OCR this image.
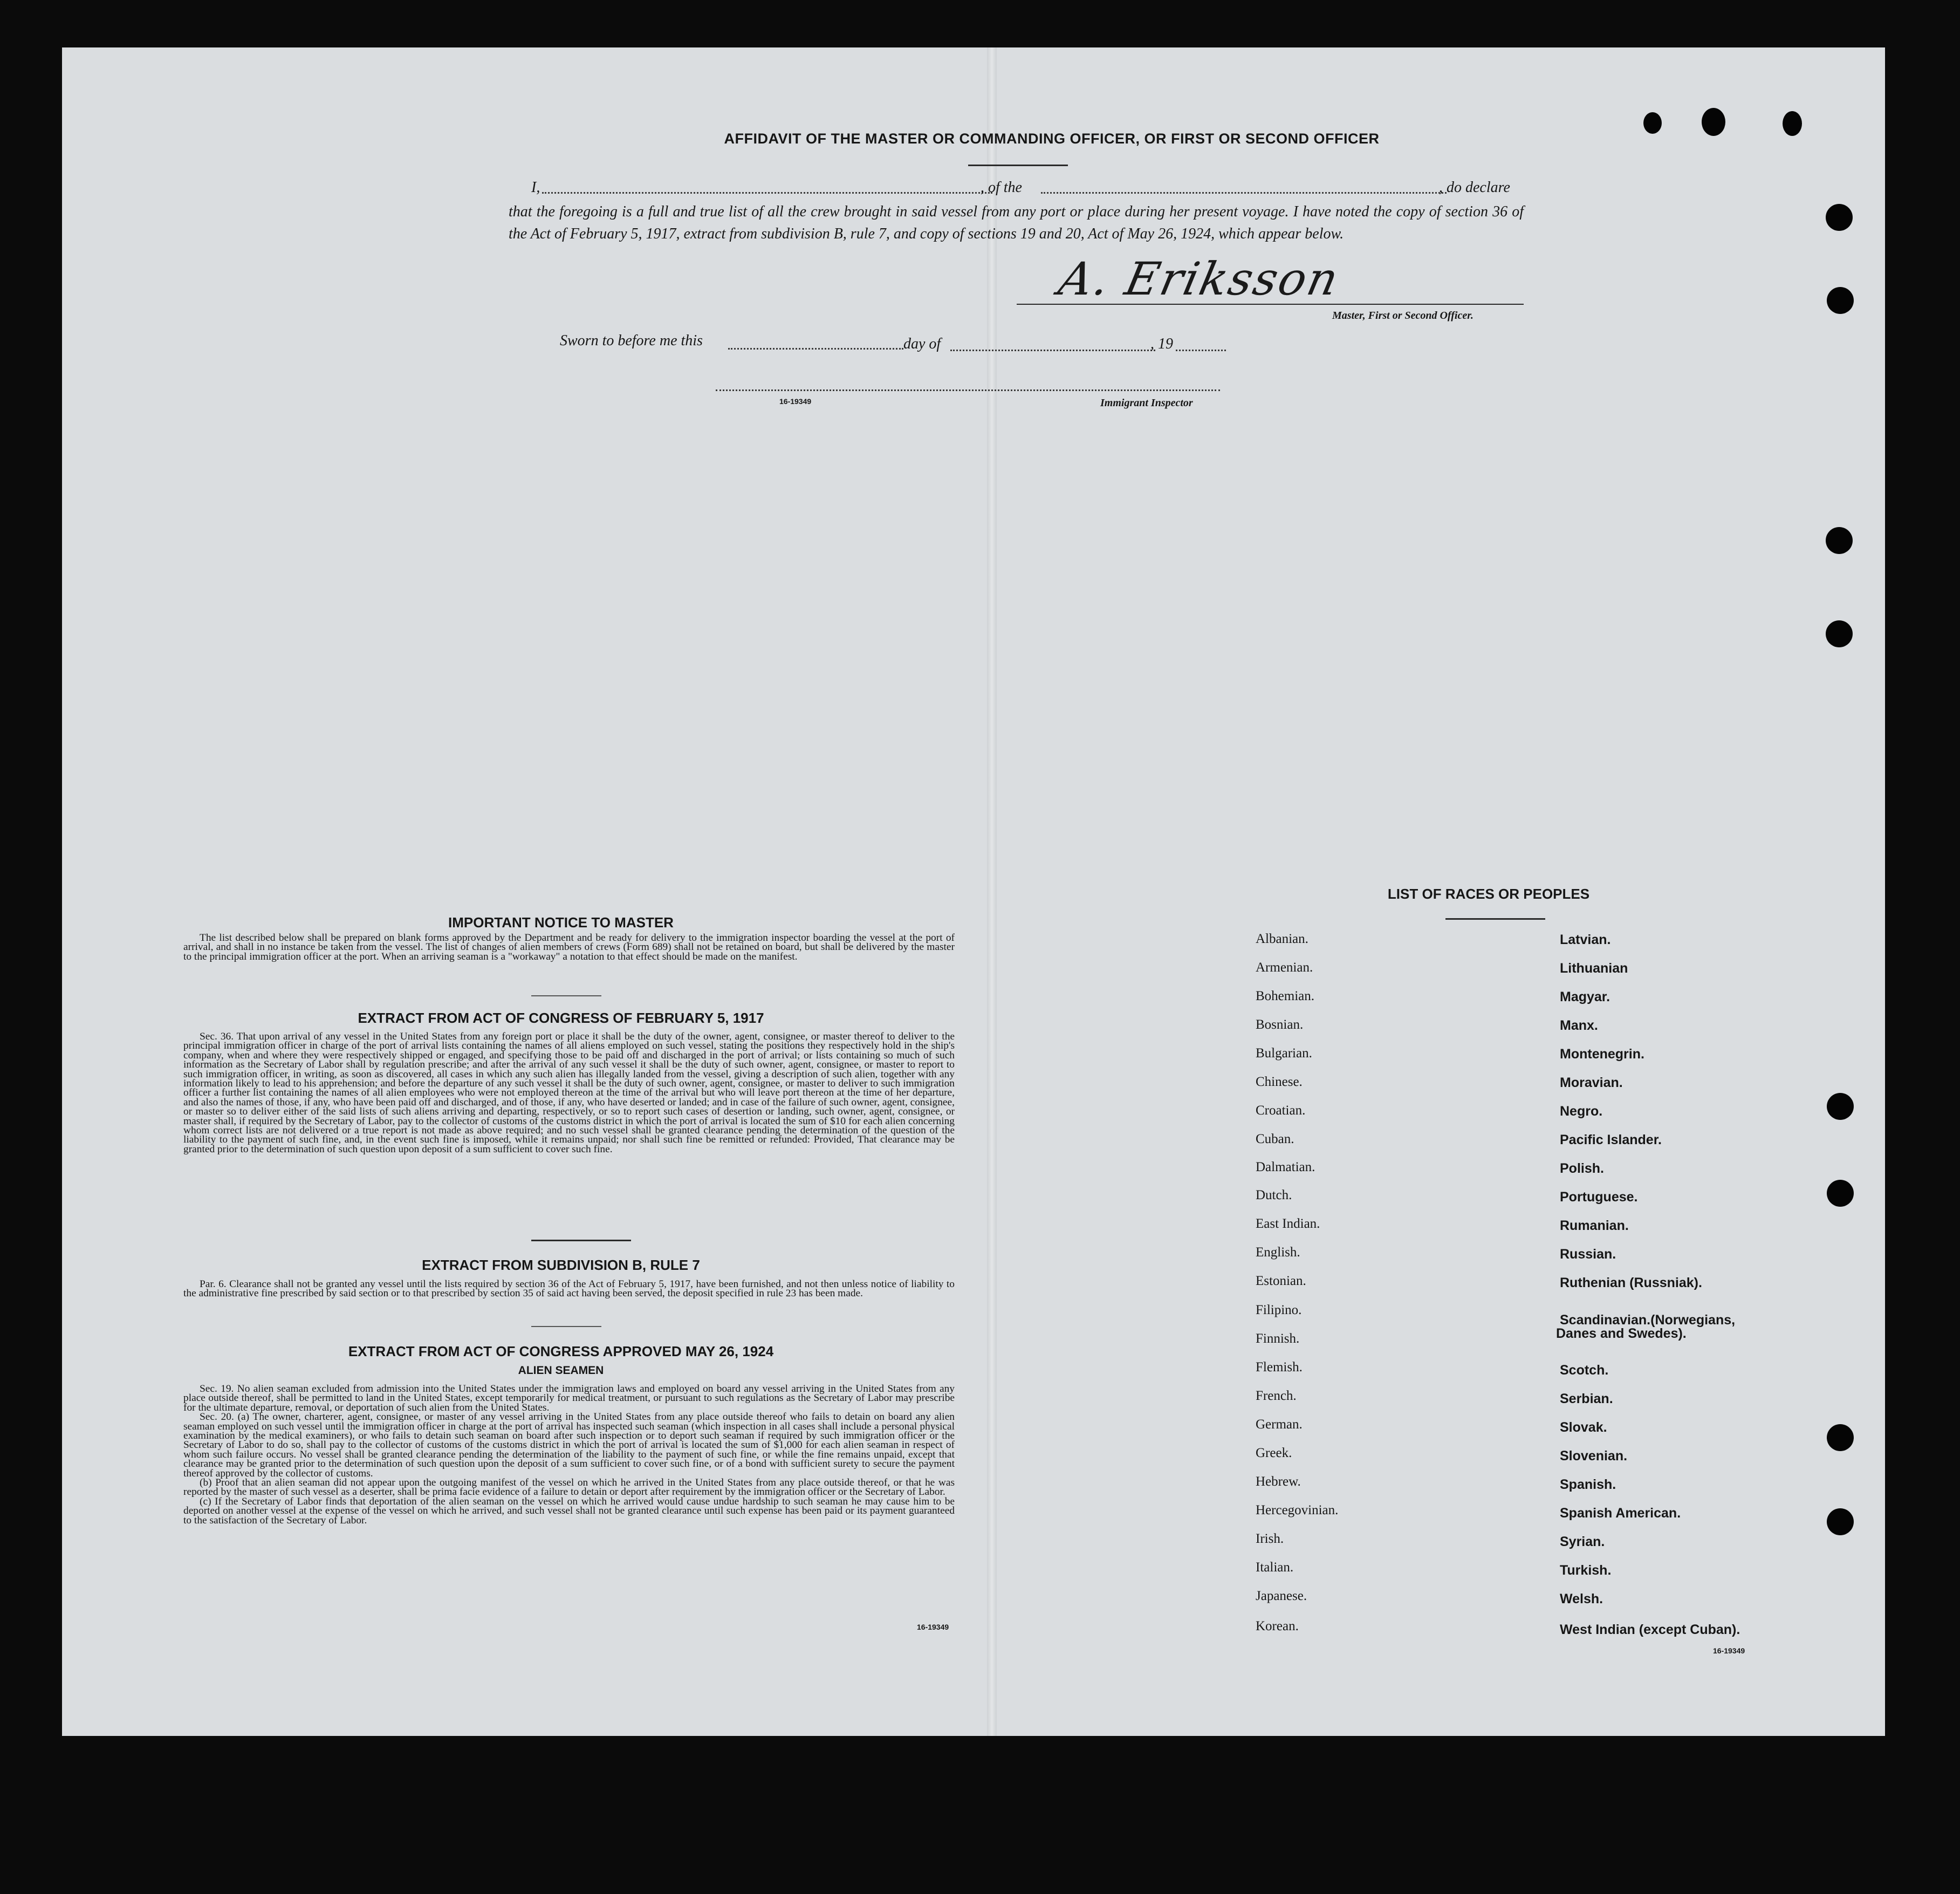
AFFIDAVIT OF THE MASTER OR COMMANDING OFFICER, OR FIRST OR SECOND OFFICER
I,	, of the	, do declare
that the foregoing is a full and true list of all the crew brought in said vessel from any port or place during her present voyage. I have noted the copy of section 36 of the Act of February 5, 1917, extract from subdivision B, rule 7, and copy of sections 19 and 20, Act of May 26, 1924, which appear below.
A. Eriksson
Master, First or Second Officer.
Sworn to before me this	day of	, 19
16-19349	Immigrant Inspector
IMPORTANT NOTICE TO MASTER

The list described below shall be prepared on blank forms approved by the Department and be ready for delivery to the immigration inspector boarding the vessel at the port of arrival, and shall in no instance be taken from the vessel. The list of changes of alien members of crews (Form 689) shall not be retained on board, but shall be delivered by the master to the principal immigration officer at the port. When an arriving seaman is a "workaway" a notation to that effect should be made on the manifest.

EXTRACT FROM ACT OF CONGRESS OF FEBRUARY 5, 1917

Sec. 36. That upon arrival of any vessel in the United States from any foreign port or place it shall be the duty of the owner, agent, consignee, or master thereof to deliver to the principal immigration officer in charge of the port of arrival lists containing the names of all aliens employed on such vessel, stating the positions they respectively hold in the ship's company, when and where they were respectively shipped or engaged, and specifying those to be paid off and discharged in the port of arrival; or lists containing so much of such information as the Secretary of Labor shall by regulation prescribe; and after the arrival of any such vessel it shall be the duty of such owner, agent, consignee, or master to report to such immigration officer, in writing, as soon as discovered, all cases in which any such alien has illegally landed from the vessel, giving a description of such alien, together with any information likely to lead to his apprehension; and before the departure of any such vessel it shall be the duty of such owner, agent, consignee, or master to deliver to such immigration officer a further list containing the names of all alien employees who were not employed thereon at the time of the arrival but who will leave port thereon at the time of her departure, and also the names of those, if any, who have been paid off and discharged, and of those, if any, who have deserted or landed; and in case of the failure of such owner, agent, consignee, or master so to deliver either of the said lists of such aliens arriving and departing, respectively, or so to report such cases of desertion or landing, such owner, agent, consignee, or master shall, if required by the Secretary of Labor, pay to the collector of customs of the customs district in which the port of arrival is located the sum of $10 for each alien concerning whom correct lists are not delivered or a true report is not made as above required; and no such vessel shall be granted clearance pending the determination of the question of the liability to the payment of such fine, and, in the event such fine is imposed, while it remains unpaid; nor shall such fine be remitted or refunded: Provided, That clearance may be granted prior to the determination of such question upon deposit of a sum sufficient to cover such fine.

EXTRACT FROM SUBDIVISION B, RULE 7

Par. 6. Clearance shall not be granted any vessel until the lists required by section 36 of the Act of February 5, 1917, have been furnished, and not then unless notice of liability to the administrative fine prescribed by said section or to that prescribed by section 35 of said act having been served, the deposit specified in rule 23 has been made.

EXTRACT FROM ACT OF CONGRESS APPROVED MAY 26, 1924
ALIEN SEAMEN

Sec. 19. No alien seaman excluded from admission into the United States under the immigration laws and employed on board any vessel arriving in the United States from any place outside thereof, shall be permitted to land in the United States, except temporarily for medical treatment, or pursuant to such regulations as the Secretary of Labor may prescribe for the ultimate departure, removal, or deportation of such alien from the United States.

Sec. 20. (a) The owner, charterer, agent, consignee, or master of any vessel arriving in the United States from any place outside thereof who fails to detain on board any alien seaman employed on such vessel until the immigration officer in charge at the port of arrival has inspected such seaman (which inspection in all cases shall include a personal physical examination by the medical examiners), or who fails to detain such seaman on board after such inspection or to deport such seaman if required by such immigration officer or the Secretary of Labor to do so, shall pay to the collector of customs of the customs district in which the port of arrival is located the sum of $1,000 for each alien seaman in respect of whom such failure occurs. No vessel shall be granted clearance pending the determination of the liability to the payment of such fine, or while the fine remains unpaid, except that clearance may be granted prior to the determination of such question upon the deposit of a sum sufficient to cover such fine, or of a bond with sufficient surety to secure the payment thereof approved by the collector of customs.

(b) Proof that an alien seaman did not appear upon the outgoing manifest of the vessel on which he arrived in the United States from any place outside thereof, or that he was reported by the master of such vessel as a deserter, shall be prima facie evidence of a failure to detain or deport after requirement by the immigration officer or the Secretary of Labor.

(c) If the Secretary of Labor finds that deportation of the alien seaman on the vessel on which he arrived would cause undue hardship to such seaman he may cause him to be deported on another vessel at the expense of the vessel on which he arrived, and such vessel shall not be granted clearance until such expense has been paid or its payment guaranteed to the satisfaction of the Secretary of Labor.

16-19349
LIST OF RACES OR PEOPLES
Albanian.
Armenian.
Bohemian.
Bosnian.
Bulgarian.
Chinese.
Croatian.
Cuban.
Dalmatian.
Dutch.
East Indian.
English.
Estonian.
Filipino.
Finnish.
Flemish.
French.
German.
Greek.
Hebrew.
Hercegovinian.
Irish.
Italian.
Japanese.
Korean.
Latvian.
Lithuanian
Magyar.
Manx.
Montenegrin.
Moravian.
Negro.
Pacific Islander.
Polish.
Portuguese.
Rumanian.
Russian.
Ruthenian (Russniak).
Scandinavian.(Norwegians,
Scotch.
Serbian.
Slovak.
Slovenian.
Spanish.
Spanish American.
Syrian.
Turkish.
Welsh.
West Indian (except Cuban).
Danes and Swedes).
16-19349
